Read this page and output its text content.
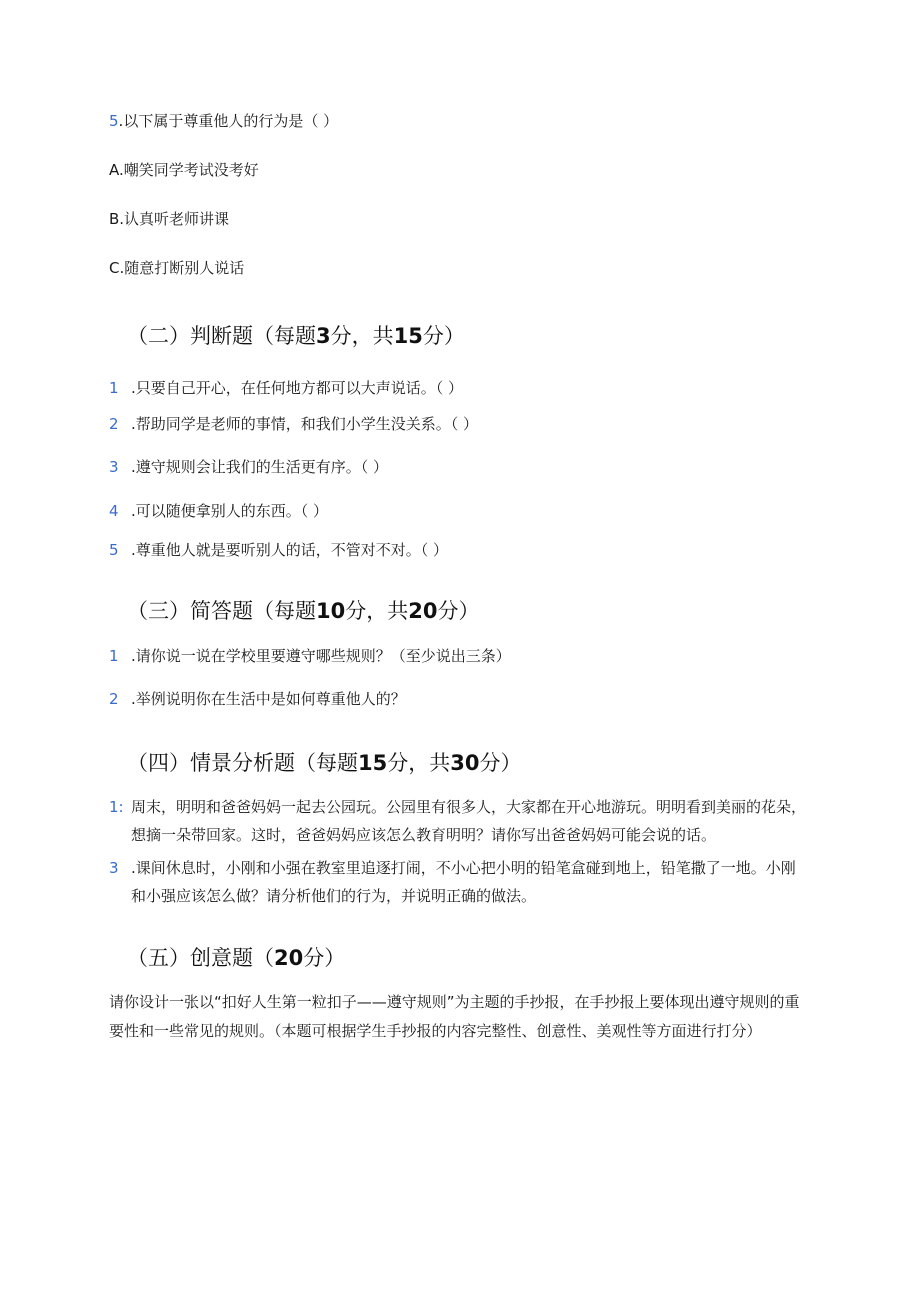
5.以下属于尊重他人的行为是（ ）
A.嘲笑同学考试没考好
B.认真听老师讲课
C.随意打断别人说话
（二）判断题（每题3分，共15分）
1 .只要自己开心，在任何地方都可以大声说话。（ ）
2 .帮助同学是老师的事情，和我们小学生没关系。（ ）
3 .遵守规则会让我们的生活更有序。（ ）
4 .可以随便拿别人的东西。（ ）
5 .尊重他人就是要听别人的话，不管对不对。（ ）
（三）简答题（每题10分，共20分）
1 .请你说一说在学校里要遵守哪些规则？（至少说出三条）
2 .举例说明你在生活中是如何尊重他人的？
（四）情景分析题（每题15分，共30分）
1: 周末，明明和爸爸妈妈一起去公园玩。公园里有很多人，大家都在开心地游玩。明明看到美丽的花朵，想摘一朵带回家。这时，爸爸妈妈应该怎么教育明明？请你写出爸爸妈妈可能会说的话。
3 .课间休息时，小刚和小强在教室里追逐打闹，不小心把小明的铅笔盒碰到地上，铅笔撒了一地。小刚和小强应该怎么做？请分析他们的行为，并说明正确的做法。
（五）创意题（20分）
请你设计一张以“扣好人生第一粒扣子——遵守规则”为主题的手抄报，在手抄报上要体现出遵守规则的重要性和一些常见的规则。（本题可根据学生手抄报的内容完整性、创意性、美观性等方面进行打分）
